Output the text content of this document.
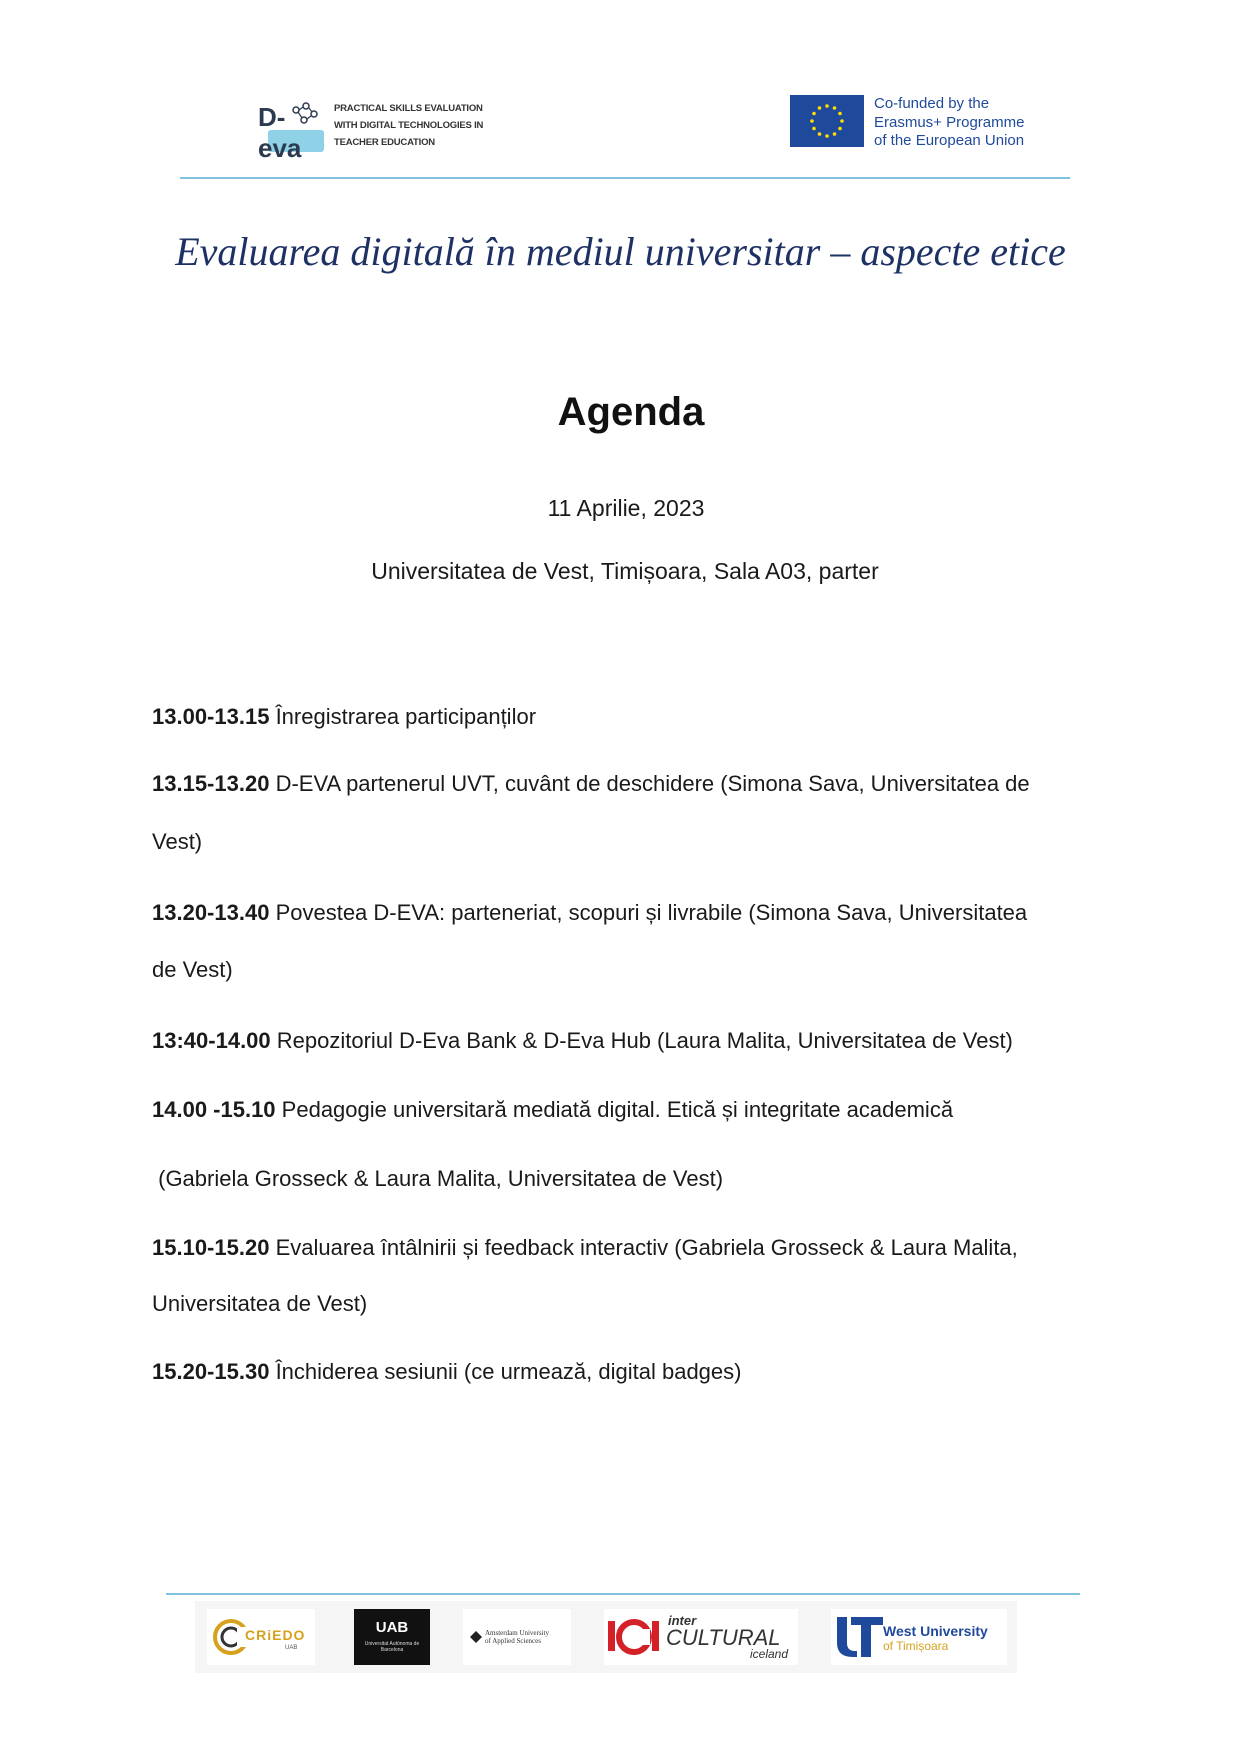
D-eva
PRACTICAL SKILLS EVALUATION
WITH DIGITAL TECHNOLOGIES IN
TEACHER EDUCATION
Co-funded by the
Erasmus+ Programme
of the European Union
Evaluarea digitală în mediul universitar – aspecte etice
Agenda
11 Aprilie, 2023
Universitatea de Vest, Timișoara, Sala A03, parter
13.00-13.15 Înregistrarea participanților
13.15-13.20 D-EVA partenerul UVT, cuvânt de deschidere (Simona Sava, Universitatea de
Vest)
13.20-13.40 Povestea D-EVA: parteneriat, scopuri și livrabile (Simona Sava, Universitatea
de Vest)
13:40-14.00 Repozitoriul D-Eva Bank & D-Eva Hub (Laura Malita, Universitatea de Vest)
14.00 -15.10 Pedagogie universitară mediată digital. Etică și integritate academică
(Gabriela Grosseck & Laura Malita, Universitatea de Vest)
15.10-15.20 Evaluarea întâlnirii și feedback interactiv (Gabriela Grosseck & Laura Malita,
Universitatea de Vest)
15.20-15.30 Închiderea sesiunii (ce urmează, digital badges)
CRiEDO
UAB
UAB
Universitat Autònoma de Barcelona
Amsterdam University
of Applied Sciences
inter
CULTURAL
iceland
West University
of Timișoara
